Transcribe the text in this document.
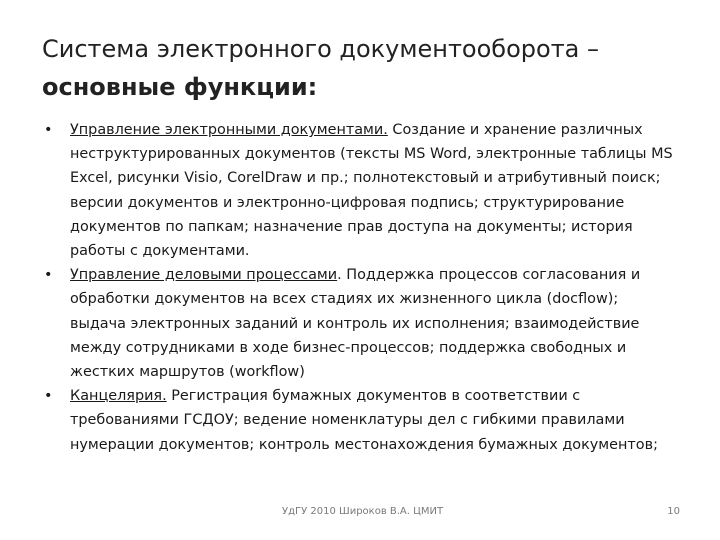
Система электронного документооборота –
основные функции:
•	Управление электронными документами. Создание и хранение различных неструктурированных документов (тексты MS Word, электронные таблицы MS Excel, рисунки Visio, CorelDraw и пр.; полнотекстовый и атрибутивный поиск; версии документов и электронно-цифровая подпись; структурирование документов по папкам; назначение прав доступа на документы; история работы с документами.
•	Управление деловыми процессами. Поддержка процессов согласования и обработки документов на всех стадиях их жизненного цикла (docflow); выдача электронных заданий и контроль их исполнения; взаимодействие между сотрудниками в ходе бизнес-процессов; поддержка свободных и жестких маршрутов (workflow)
•	Канцелярия. Регистрация бумажных документов в соответствии с требованиями ГСДОУ; ведение номенклатуры дел с гибкими правилами нумерации документов; контроль местонахождения бумажных документов;
УдГУ 2010 Широков В.А. ЦМИТ	10
